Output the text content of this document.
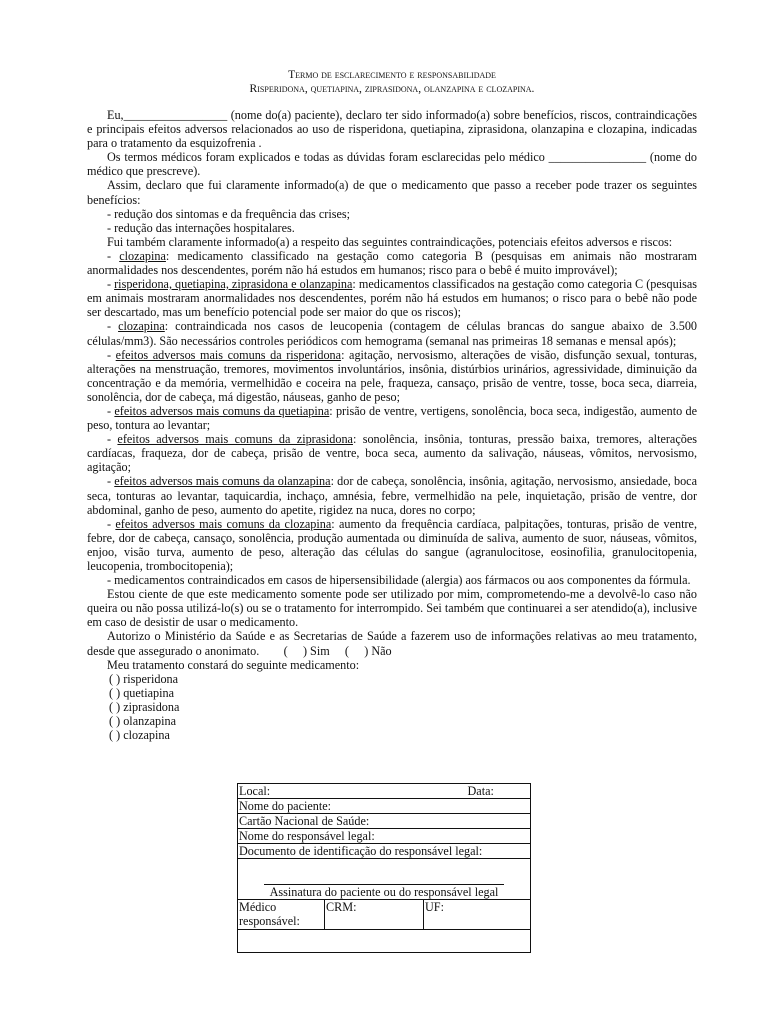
Termo de esclarecimento e responsabilidade
Risperidona, quetiapina, ziprasidona, olanzapina e clozapina.

Eu,_________________ (nome do(a) paciente), declaro ter sido informado(a) sobre benefícios, riscos, contraindicações e principais efeitos adversos relacionados ao uso de risperidona, quetiapina, ziprasidona, olanzapina e clozapina, indicadas para o tratamento da esquizofrenia .

Os termos médicos foram explicados e todas as dúvidas foram esclarecidas pelo médico ________________ (nome do médico que prescreve).

Assim, declaro que fui claramente informado(a) de que o medicamento que passo a receber pode trazer os seguintes benefícios:

- redução dos sintomas e da frequência das crises;

- redução das internações hospitalares.

Fui também claramente informado(a) a respeito das seguintes contraindicações, potenciais efeitos adversos e riscos:

- clozapina: medicamento classificado na gestação como categoria B (pesquisas em animais não mostraram anormalidades nos descendentes, porém não há estudos em humanos; risco para o bebê é muito improvável);

- risperidona, quetiapina, ziprasidona e olanzapina: medicamentos classificados na gestação como categoria C (pesquisas em animais mostraram anormalidades nos descendentes, porém não há estudos em humanos; o risco para o bebê não pode ser descartado, mas um benefício potencial pode ser maior do que os riscos);

- clozapina: contraindicada nos casos de leucopenia (contagem de células brancas do sangue abaixo de 3.500 células/mm3). São necessários controles periódicos com hemograma (semanal nas primeiras 18 semanas e mensal após);

- efeitos adversos mais comuns da risperidona: agitação, nervosismo, alterações de visão, disfunção sexual, tonturas, alterações na menstruação, tremores, movimentos involuntários, insônia, distúrbios urinários, agressividade, diminuição da concentração e da memória, vermelhidão e coceira na pele, fraqueza, cansaço, prisão de ventre, tosse, boca seca, diarreia, sonolência, dor de cabeça, má digestão, náuseas, ganho de peso;

- efeitos adversos mais comuns da quetiapina: prisão de ventre, vertigens, sonolência, boca seca, indigestão, aumento de peso, tontura ao levantar;

- efeitos adversos mais comuns da ziprasidona: sonolência, insônia, tonturas, pressão baixa, tremores, alterações cardíacas, fraqueza, dor de cabeça, prisão de ventre, boca seca, aumento da salivação, náuseas, vômitos, nervosismo, agitação;

- efeitos adversos mais comuns da olanzapina: dor de cabeça, sonolência, insônia, agitação, nervosismo, ansiedade, boca seca, tonturas ao levantar, taquicardia, inchaço, amnésia, febre, vermelhidão na pele, inquietação, prisão de ventre, dor abdominal, ganho de peso, aumento do apetite, rigidez na nuca, dores no corpo;

- efeitos adversos mais comuns da clozapina: aumento da frequência cardíaca, palpitações, tonturas, prisão de ventre, febre, dor de cabeça, cansaço, sonolência, produção aumentada ou diminuída de saliva, aumento de suor, náuseas, vômitos, enjoo, visão turva, aumento de peso, alteração das células do sangue (agranulocitose, eosinofilia, granulocitopenia, leucopenia, trombocitopenia);

- medicamentos contraindicados em casos de hipersensibilidade (alergia) aos fármacos ou aos componentes da fórmula.

Estou ciente de que este medicamento somente pode ser utilizado por mim, comprometendo-me a devolvê-lo caso não queira ou não possa utilizá-lo(s) ou se o tratamento for interrompido. Sei também que continuarei a ser atendido(a), inclusive em caso de desistir de usar o medicamento.

Autorizo o Ministério da Saúde e as Secretarias de Saúde a fazerem uso de informações relativas ao meu tratamento, desde que assegurado o anonimato. (     ) Sim     (     ) Não

Meu tratamento constará do seguinte medicamento:

( ) risperidona
( ) quetiapina
( ) ziprasidona
( ) olanzapina
( ) clozapina
Local:	Data:

Nome do paciente:
Cartão Nacional de Saúde:
Nome do responsável legal:
Documento de identificação do responsável legal:

Assinatura do paciente ou do responsável legal

Médico responsável:	CRM:	UF:
